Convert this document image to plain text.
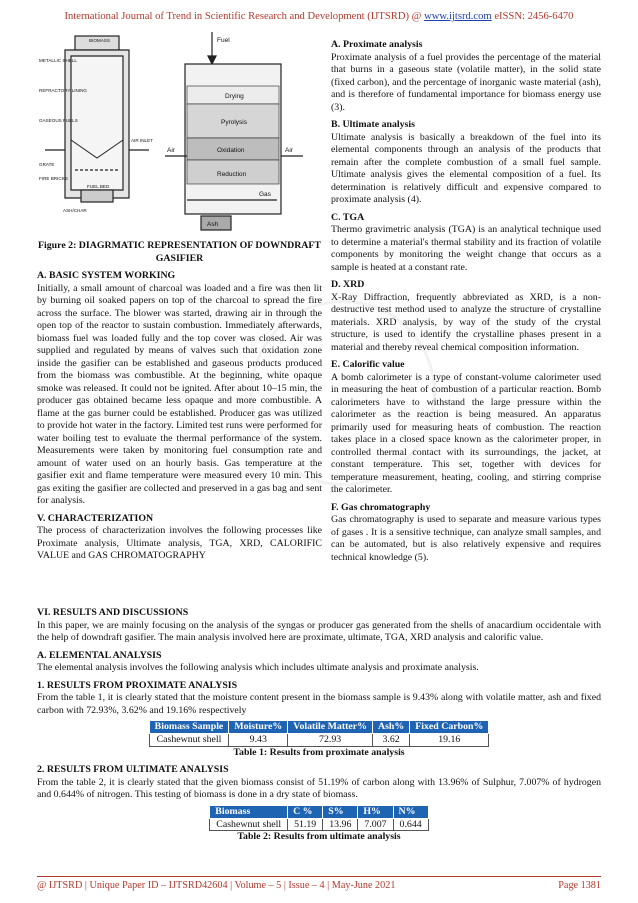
International Journal of Trend in Scientific Research and Development (IJTSRD) @ www.ijtsrd.com eISSN: 2456-6470
BIOMASS
METALLIC SHELL
REFRACTORY LINING
GASEOUS FUELS
AIR INLET
GRATE
FIRE BRICKS
FUEL BED
ASH/CHAR
Fuel
Drying
Pyrolysis
Oxidation
Reduction
Air	Air
Gas
Ash

Figure 2: DIAGRMATIC REPRESENTATION OF DOWNDRAFT GASIFIER

A. BASIC SYSTEM WORKING

Initially, a small amount of charcoal was loaded and a fire was then lit by burning oil soaked papers on top of the charcoal to spread the fire across the surface. The blower was started, drawing air in through the open top of the reactor to sustain combustion. Immediately afterwards, biomass fuel was loaded fully and the top cover was closed. Air was supplied and regulated by means of valves such that oxidation zone inside the gasifier can be established and gaseous products produced from the biomass was combustible. At the beginning, white opaque smoke was released. It could not be ignited. After about 10–15 min, the producer gas obtained became less opaque and more combustible. A flame at the gas burner could be established. Producer gas was utilized to provide hot water in the factory. Limited test runs were performed for water boiling test to evaluate the thermal performance of the system. Measurements were taken by monitoring fuel consumption rate and amount of water used on an hourly basis. Gas temperature at the gasifier exit and flame temperature were measured every 10 min. This gas exiting the gasifier are collected and preserved in a gas bag and sent for analysis.

V. CHARACTERIZATION

The process of characterization involves the following processes like Proximate analysis, Ultimate analysis, TGA, XRD, CALORIFIC VALUE and GAS CHROMATOGRAPHY

A. Proximate analysis

Proximate analysis of a fuel provides the percentage of the material that burns in a gaseous state (volatile matter), in the solid state (fixed carbon), and the percentage of inorganic waste material (ash), and is therefore of fundamental importance for biomass energy use (3).

B. Ultimate analysis

Ultimate analysis is basically a breakdown of the fuel into its elemental components through an analysis of the products that remain after the complete combustion of a small fuel sample. Ultimate analysis gives the elemental composition of a fuel. Its determination is relatively difficult and expensive compared to proximate analysis (4).

C. TGA

Thermo gravimetric analysis (TGA) is an analytical technique used to determine a material's thermal stability and its fraction of volatile components by monitoring the weight change that occurs as a sample is heated at a constant rate.

D. XRD

X-Ray Diffraction, frequently abbreviated as XRD, is a non-destructive test method used to analyze the structure of crystalline materials. XRD analysis, by way of the study of the crystal structure, is used to identify the crystalline phases present in a material and thereby reveal chemical composition information.

E. Calorific value

A bomb calorimeter is a type of constant-volume calorimeter used in measuring the heat of combustion of a particular reaction. Bomb calorimeters have to withstand the large pressure within the calorimeter as the reaction is being measured. An apparatus primarily used for measuring heats of combustion. The reaction takes place in a closed space known as the calorimeter proper, in controlled thermal contact with its surroundings, the jacket, at constant temperature. This set, together with devices for temperature measurement, heating, cooling, and stirring comprise the calorimeter.

F. Gas chromatography

Gas chromatography is used to separate and measure various types of gases . It is a sensitive technique, can analyze small samples, and can be automated, but is also relatively expensive and requires technical knowledge (5).

VI. RESULTS AND DISCUSSIONS

In this paper, we are mainly focusing on the analysis of the syngas or producer gas generated from the shells of anacardium occidentale with the help of downdraft gasifier. The main analysis involved here are proximate, ultimate, TGA, XRD analysis and calorific value.

A. ELEMENTAL ANALYSIS

The elemental analysis involves the following analysis which includes ultimate analysis and proximate analysis.

1. RESULTS FROM PROXIMATE ANALYSIS

From the table 1, it is clearly stated that the moisture content present in the biomass sample is 9.43% along with volatile matter, ash and fixed carbon with 72.93%, 3.62% and 19.16% respectively

Biomass Sample	Moisture%	Volatile Matter%	Ash%	Fixed Carbon%
Cashewnut shell	9.43	72.93	3.62	19.16

Table 1: Results from proximate analysis

2. RESULTS FROM ULTIMATE ANALYSIS

From the table 2, it is clearly stated that the given biomass consist of 51.19% of carbon along with 13.96% of Sulphur, 7.007% of hydrogen and 0.644% of nitrogen. This testing of biomass is done in a dry state of biomass.

Biomass	C %	S%	H%	N%
Cashewnut shell	51.19	13.96	7.007	0.644

Table 2: Results from ultimate analysis

@ IJTSRD | Unique Paper ID – IJTSRD42604 | Volume – 5 | Issue – 4 | May-June 2021	Page 1381
